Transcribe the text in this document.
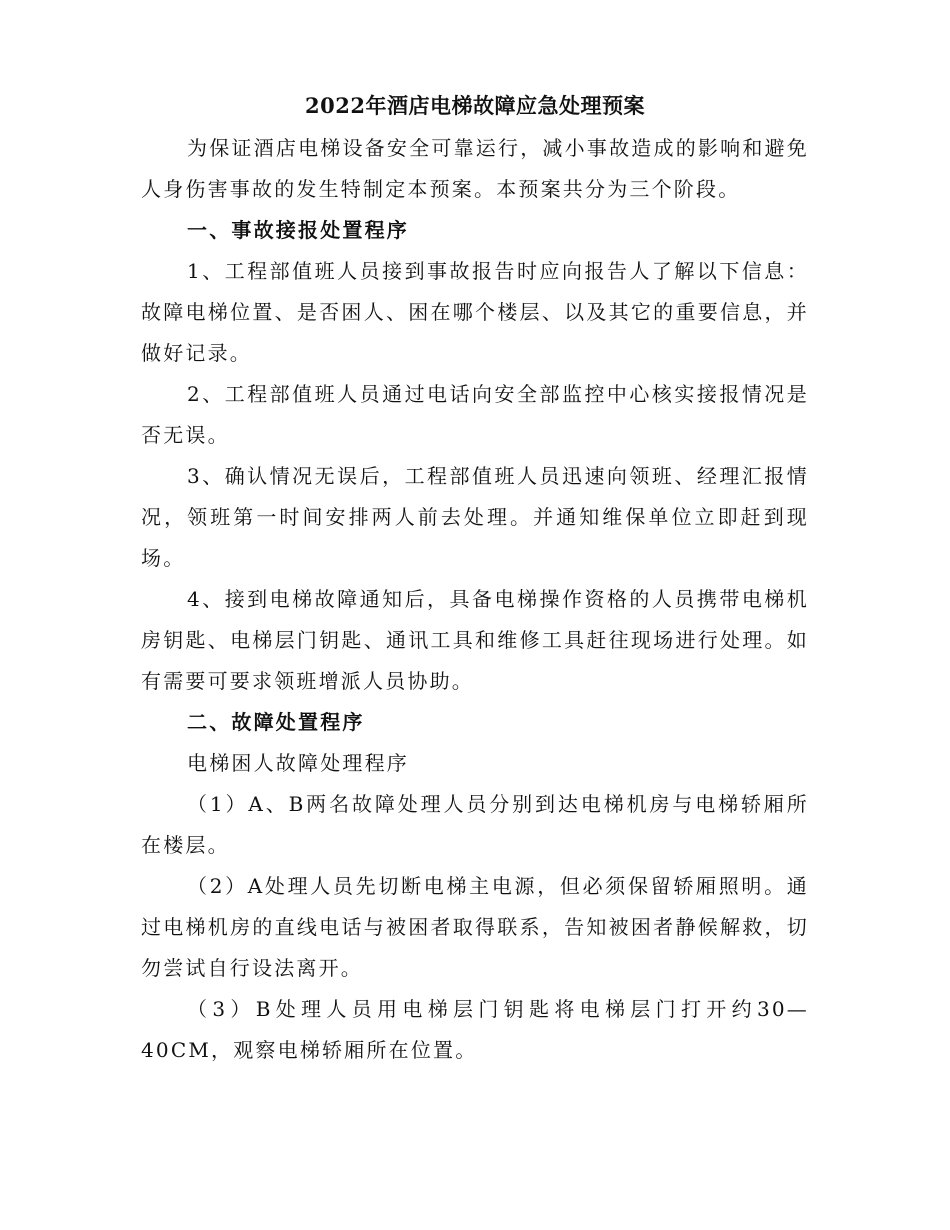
2022年酒店电梯故障应急处理预案

为保证酒店电梯设备安全可靠运行，减小事故造成的影响和避免人身伤害事故的发生特制定本预案。本预案共分为三个阶段。

一、事故接报处置程序

1、工程部值班人员接到事故报告时应向报告人了解以下信息：故障电梯位置、是否困人、困在哪个楼层、以及其它的重要信息，并做好记录。

2、工程部值班人员通过电话向安全部监控中心核实接报情况是否无误。

3、确认情况无误后，工程部值班人员迅速向领班、经理汇报情况，领班第一时间安排两人前去处理。并通知维保单位立即赶到现场。

4、接到电梯故障通知后，具备电梯操作资格的人员携带电梯机房钥匙、电梯层门钥匙、通讯工具和维修工具赶往现场进行处理。如有需要可要求领班增派人员协助。

二、故障处置程序

电梯困人故障处理程序

（1）A、B两名故障处理人员分别到达电梯机房与电梯轿厢所在楼层。

（2）A处理人员先切断电梯主电源，但必须保留轿厢照明。通过电梯机房的直线电话与被困者取得联系，告知被困者静候解救，切勿尝试自行设法离开。

（3）B处理人员用电梯层门钥匙将电梯层门打开约30—40CM，观察电梯轿厢所在位置。
